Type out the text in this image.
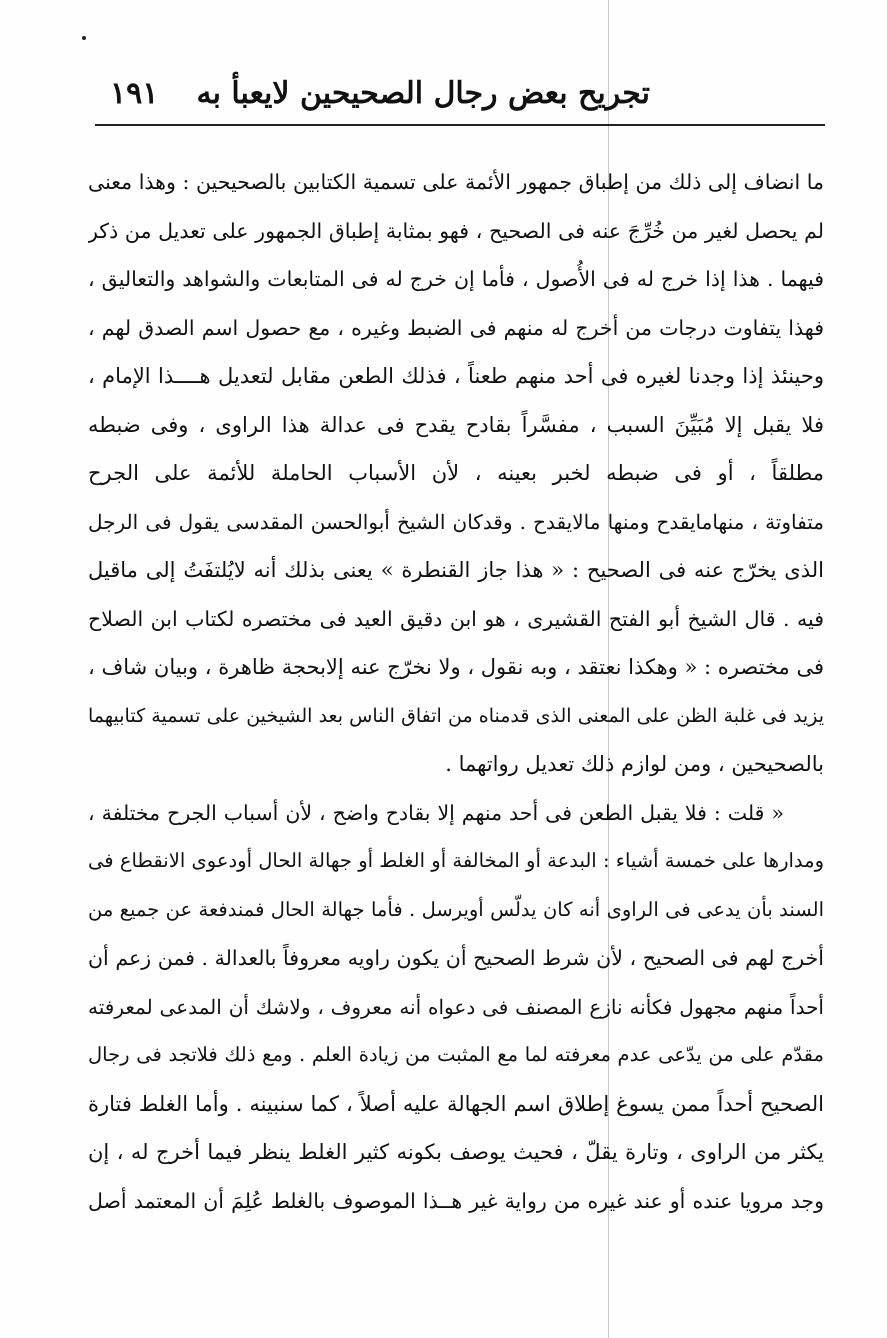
تجريح بعض رجال الصحيحين لايعبأ به
١٩١
ما انضاف إلى ذلك من إطباق جمهور الأئمة على تسمية الكتابين بالصحيحين : وهذا معنى
لم يحصل لغير من خُرِّجَ عنه فى الصحيح ، فهو بمثابة إطباق الجمهور على تعديل من ذكر
فيهما . هذا إذا خرج له فى الأُصول ، فأما إن خرج له فى المتابعات والشواهد والتعاليق ،
فهذا يتفاوت درجات من أخرج له منهم فى الضبط وغيره ، مع حصول اسم الصدق لهم ،
وحينئذ إذا وجدنا لغيره فى أحد منهم طعناً ، فذلك الطعن مقابل لتعديل هــــذا الإمام ،
فلا يقبل إلا مُبَيِّنَ السبب ، مفسَّراً بقادح يقدح فى عدالة هذا الراوى ، وفى ضبطه
مطلقاً ، أو فى ضبطه لخبر بعينه ، لأن الأسباب الحاملة للأئمة على الجرح
متفاوتة ، منهامايقدح ومنها مالايقدح . وقدكان الشيخ أبوالحسن المقدسى يقول فى الرجل
الذى يخرّج عنه فى الصحيح : « هذا جاز القنطرة » يعنى بذلك أنه لايُلتفَتُ إلى ماقيل
فيه . قال الشيخ أبو الفتح القشيرى ، هو ابن دقيق العيد فى مختصره لكتاب ابن الصلاح
فى مختصره : « وهكذا نعتقد ، وبه نقول ، ولا نخرّج عنه إلابحجة ظاهرة ، وبيان شاف ،
يزيد فى غلبة الظن على المعنى الذى قدمناه من اتفاق الناس بعد الشيخين على تسمية كتابيهما
بالصحيحين ، ومن لوازم ذلك تعديل رواتهما .
« قلت : فلا يقبل الطعن فى أحد منهم إلا بقادح واضح ، لأن أسباب الجرح مختلفة ،
ومدارها على خمسة أشياء : البدعة أو المخالفة أو الغلط أو جهالة الحال أودعوى الانقطاع فى
السند بأن يدعى فى الراوى أنه كان يدلّس أويرسل . فأما جهالة الحال فمندفعة عن جميع من
أخرج لهم فى الصحيح ، لأن شرط الصحيح أن يكون راويه معروفاً بالعدالة . فمن زعم أن
أحداً منهم مجهول فكأنه نازع المصنف فى دعواه أنه معروف ، ولاشك أن المدعى لمعرفته
مقدّم على من يدّعى عدم معرفته لما مع المثبت من زيادة العلم . ومع ذلك فلاتجد فى رجال
الصحيح أحداً ممن يسوغ إطلاق اسم الجهالة عليه أصلاً ، كما سنبينه . وأما الغلط فتارة
يكثر من الراوى ، وتارة يقلّ ، فحيث يوصف بكونه كثير الغلط ينظر فيما أخرج له ، إن
وجد مرويا عنده أو عند غيره من رواية غير هــذا الموصوف بالغلط عُلِمَ أن المعتمد أصل
